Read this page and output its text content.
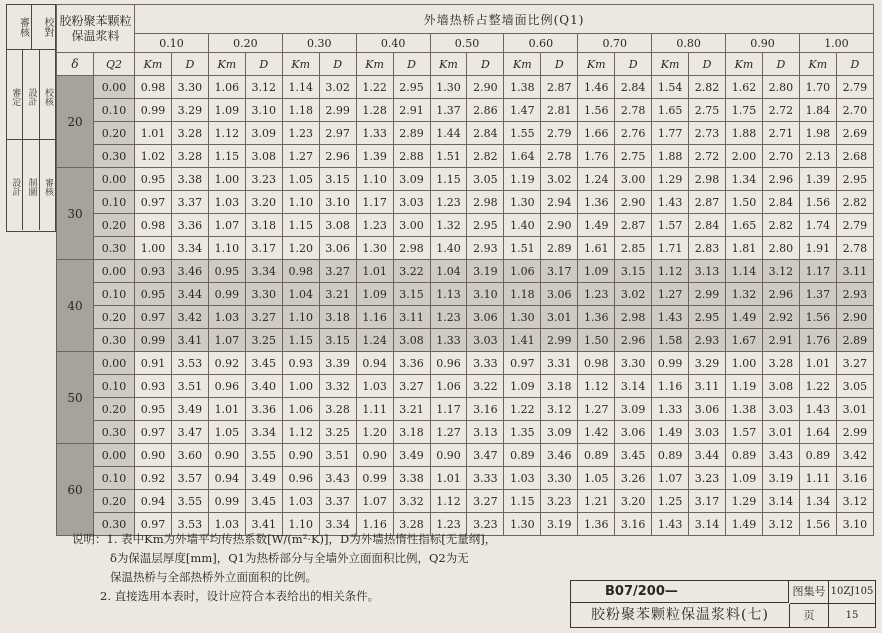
審核	校對
審定 設計 校核
設計 制圖 審核
胶粉聚苯颗粒保温浆料		外墙热桥占整墙面比例(Q1)																			
		0.10		0.20		0.30		0.40		0.50		0.60		0.70		0.80		0.90		1.00	
δ	Q2	Km	D	Km	D	Km	D	Km	D	Km	D	Km	D	Km	D	Km	D	Km	D	Km	D
20	0.00	0.98	3.30	1.06	3.12	1.14	3.02	1.22	2.95	1.30	2.90	1.38	2.87	1.46	2.84	1.54	2.82	1.62	2.80	1.70	2.79
	0.10	0.99	3.29	1.09	3.10	1.18	2.99	1.28	2.91	1.37	2.86	1.47	2.81	1.56	2.78	1.65	2.75	1.75	2.72	1.84	2.70
	0.20	1.01	3.28	1.12	3.09	1.23	2.97	1.33	2.89	1.44	2.84	1.55	2.79	1.66	2.76	1.77	2.73	1.88	2.71	1.98	2.69
	0.30	1.02	3.28	1.15	3.08	1.27	2.96	1.39	2.88	1.51	2.82	1.64	2.78	1.76	2.75	1.88	2.72	2.00	2.70	2.13	2.68
30	0.00	0.95	3.38	1.00	3.23	1.05	3.15	1.10	3.09	1.15	3.05	1.19	3.02	1.24	3.00	1.29	2.98	1.34	2.96	1.39	2.95
	0.10	0.97	3.37	1.03	3.20	1.10	3.10	1.17	3.03	1.23	2.98	1.30	2.94	1.36	2.90	1.43	2.87	1.50	2.84	1.56	2.82
	0.20	0.98	3.36	1.07	3.18	1.15	3.08	1.23	3.00	1.32	2.95	1.40	2.90	1.49	2.87	1.57	2.84	1.65	2.82	1.74	2.79
	0.30	1.00	3.34	1.10	3.17	1.20	3.06	1.30	2.98	1.40	2.93	1.51	2.89	1.61	2.85	1.71	2.83	1.81	2.80	1.91	2.78
40	0.00	0.93	3.46	0.95	3.34	0.98	3.27	1.01	3.22	1.04	3.19	1.06	3.17	1.09	3.15	1.12	3.13	1.14	3.12	1.17	3.11
	0.10	0.95	3.44	0.99	3.30	1.04	3.21	1.09	3.15	1.13	3.10	1.18	3.06	1.23	3.02	1.27	2.99	1.32	2.96	1.37	2.93
	0.20	0.97	3.42	1.03	3.27	1.10	3.18	1.16	3.11	1.23	3.06	1.30	3.01	1.36	2.98	1.43	2.95	1.49	2.92	1.56	2.90
	0.30	0.99	3.41	1.07	3.25	1.15	3.15	1.24	3.08	1.33	3.03	1.41	2.99	1.50	2.96	1.58	2.93	1.67	2.91	1.76	2.89
50	0.00	0.91	3.53	0.92	3.45	0.93	3.39	0.94	3.36	0.96	3.33	0.97	3.31	0.98	3.30	0.99	3.29	1.00	3.28	1.01	3.27
	0.10	0.93	3.51	0.96	3.40	1.00	3.32	1.03	3.27	1.06	3.22	1.09	3.18	1.12	3.14	1.16	3.11	1.19	3.08	1.22	3.05
	0.20	0.95	3.49	1.01	3.36	1.06	3.28	1.11	3.21	1.17	3.16	1.22	3.12	1.27	3.09	1.33	3.06	1.38	3.03	1.43	3.01
	0.30	0.97	3.47	1.05	3.34	1.12	3.25	1.20	3.18	1.27	3.13	1.35	3.09	1.42	3.06	1.49	3.03	1.57	3.01	1.64	2.99
60	0.00	0.90	3.60	0.90	3.55	0.90	3.51	0.90	3.49	0.90	3.47	0.89	3.46	0.89	3.45	0.89	3.44	0.89	3.43	0.89	3.42
	0.10	0.92	3.57	0.94	3.49	0.96	3.43	0.99	3.38	1.01	3.33	1.03	3.30	1.05	3.26	1.07	3.23	1.09	3.19	1.11	3.16
	0.20	0.94	3.55	0.99	3.45	1.03	3.37	1.07	3.32	1.12	3.27	1.15	3.23	1.21	3.20	1.25	3.17	1.29	3.14	1.34	3.12
	0.30	0.97	3.53	1.03	3.41	1.10	3.34	1.16	3.28	1.23	3.23	1.30	3.19	1.36	3.16	1.43	3.14	1.49	3.12	1.56	3.10
说明：1. 表中Km为外墙平均传热系数[W/(m²·K)]，D为外墙热惰性指标[无量纲]，
δ为保温层厚度[mm]，Q1为热桥部分与全墙外立面面积比例，Q2为无
保温热桥与全部热桥外立面面积的比例。
2. 直接选用本表时，设计应符合本表给出的相关条件。	B07/200—
胶粉聚苯颗粒保温浆料(七)
图集号 10ZJ105
页	15
